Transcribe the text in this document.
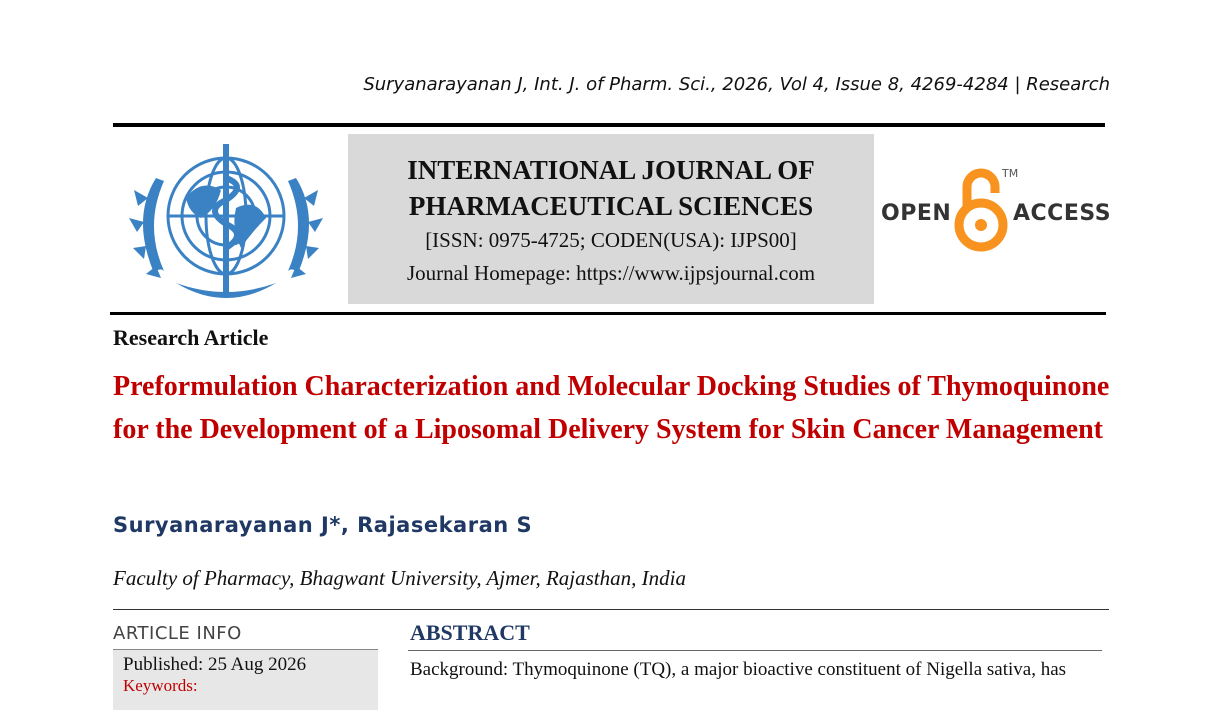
Suryanarayanan J, Int. J. of Pharm. Sci., 2026, Vol 4, Issue 8, 4269-4284 | Research
INTERNATIONAL JOURNAL OF
PHARMACEUTICAL SCIENCES
[ISSN: 0975-4725; CODEN(USA): IJPS00]
Journal Homepage: https://www.ijpsjournal.com
OPEN
TM
ACCESS
Research Article
Preformulation Characterization and Molecular Docking Studies of Thymoquinone for the Development of a Liposomal Delivery System for Skin Cancer Management
Suryanarayanan J*, Rajasekaran S
Faculty of Pharmacy, Bhagwant University, Ajmer, Rajasthan, India
ARTICLE INFO
Published: 25 Aug 2026
Keywords:
ABSTRACT
Background: Thymoquinone (TQ), a major bioactive constituent of Nigella sativa, has
